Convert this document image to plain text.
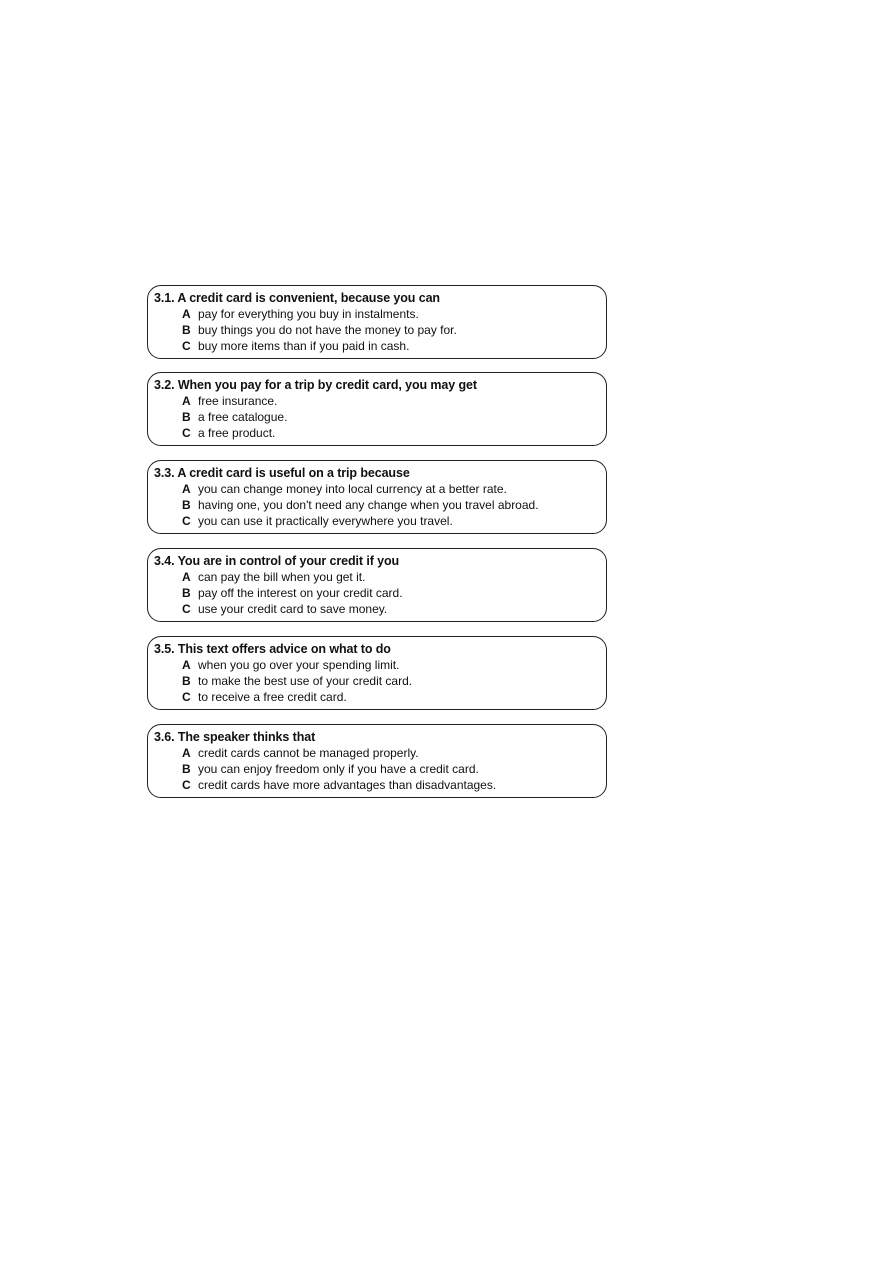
3.1. A credit card is convenient, because you can
A pay for everything you buy in instalments.
B buy things you do not have the money to pay for.
C buy more items than if you paid in cash.
3.2. When you pay for a trip by credit card, you may get
A free insurance.
B a free catalogue.
C a free product.
3.3. A credit card is useful on a trip because
A you can change money into local currency at a better rate.
B having one, you don't need any change when you travel abroad.
C you can use it practically everywhere you travel.
3.4. You are in control of your credit if you
A can pay the bill when you get it.
B pay off the interest on your credit card.
C use your credit card to save money.
3.5. This text offers advice on what to do
A when you go over your spending limit.
B to make the best use of your credit card.
C to receive a free credit card.
3.6. The speaker thinks that
A credit cards cannot be managed properly.
B you can enjoy freedom only if you have a credit card.
C credit cards have more advantages than disadvantages.
